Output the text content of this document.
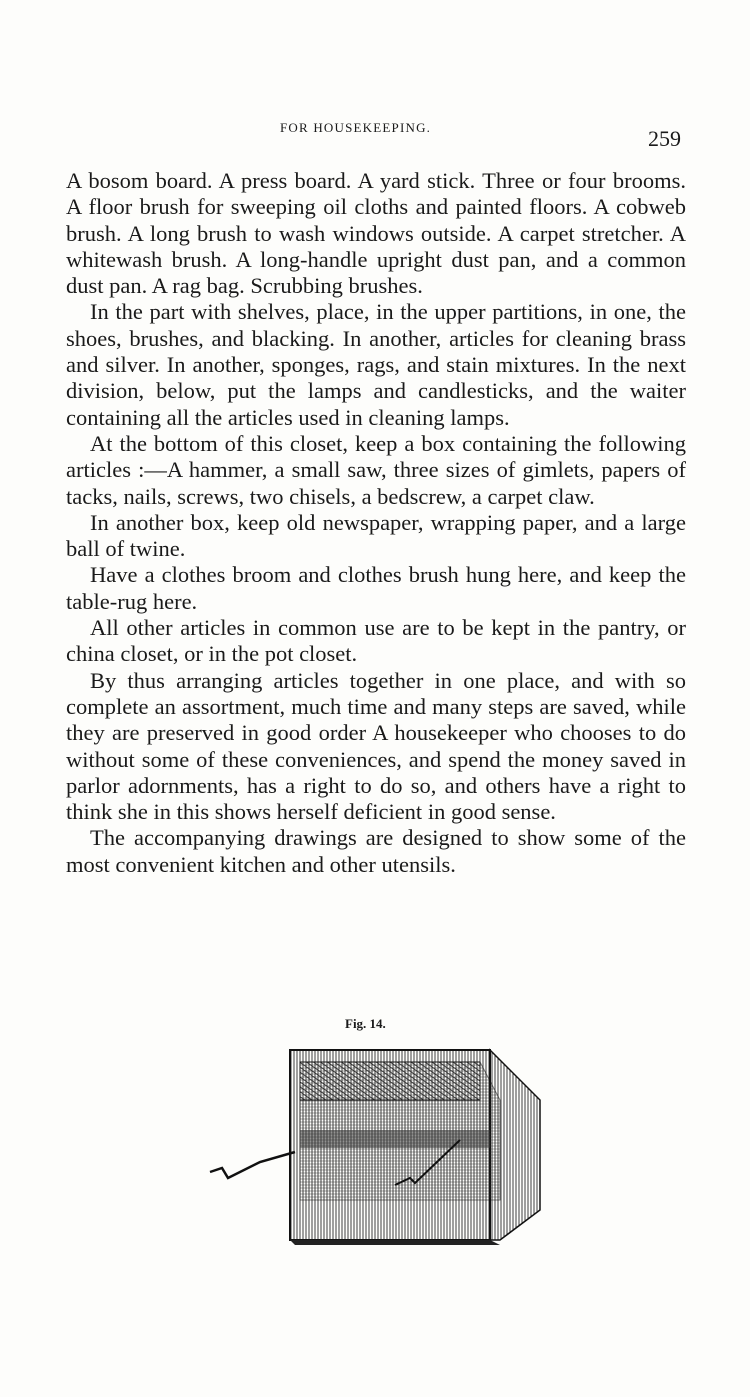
FOR HOUSEKEEPING.	259

A bosom board. A press board. A yard stick. Three or four brooms. A floor brush for sweeping oil cloths and painted floors. A cobweb brush. A long brush to wash windows outside. A carpet stretcher. A whitewash brush. A long-handle upright dust pan, and a common dust pan. A rag bag. Scrubbing brushes.

In the part with shelves, place, in the upper partitions, in one, the shoes, brushes, and blacking. In another, articles for cleaning brass and silver. In another, sponges, rags, and stain mixtures. In the next division, below, put the lamps and candlesticks, and the waiter containing all the articles used in cleaning lamps.

At the bottom of this closet, keep a box containing the following articles :—A hammer, a small saw, three sizes of gimlets, papers of tacks, nails, screws, two chisels, a bedscrew, a carpet claw.

In another box, keep old newspaper, wrapping paper, and a large ball of twine.

Have a clothes broom and clothes brush hung here, and keep the table-rug here.

All other articles in common use are to be kept in the pantry, or china closet, or in the pot closet.

By thus arranging articles together in one place, and with so complete an assortment, much time and many steps are saved, while they are preserved in good order A housekeeper who chooses to do without some of these conveniences, and spend the money saved in parlor adornments, has a right to do so, and others have a right to think she in this shows herself deficient in good sense.

The accompanying drawings are designed to show some of the most convenient kitchen and other utensils.

Fig. 14.
